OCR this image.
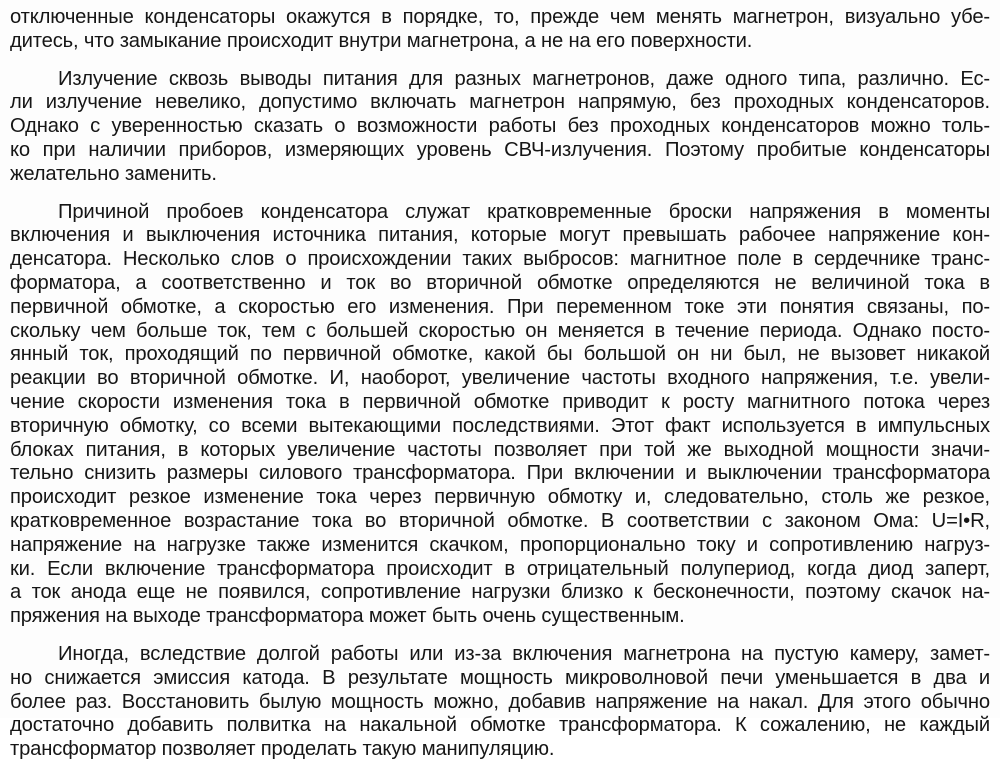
отключенные конденсаторы окажутся в порядке, то, прежде чем менять магнетрон, визуально убе-
дитесь, что замыкание происходит внутри магнетрона, а не на его поверхности.
Излучение сквозь выводы питания для разных магнетронов, даже одного типа, различно. Ес-
ли излучение невелико, допустимо включать магнетрон напрямую, без проходных конденсаторов.
Однако с уверенностью сказать о возможности работы без проходных конденсаторов можно толь-
ко при наличии приборов, измеряющих уровень СВЧ-излучения. Поэтому пробитые конденсаторы
желательно заменить.
Причиной пробоев конденсатора служат кратковременные броски напряжения в моменты
включения и выключения источника питания, которые могут превышать рабочее напряжение кон-
денсатора. Несколько слов о происхождении таких выбросов: магнитное поле в сердечнике транс-
форматора, а соответственно и ток во вторичной обмотке определяются не величиной тока в
первичной обмотке, а скоростью его изменения. При переменном токе эти понятия связаны, по-
скольку чем больше ток, тем с большей скоростью он меняется в течение периода. Однако посто-
янный ток, проходящий по первичной обмотке, какой бы большой он ни был, не вызовет никакой
реакции во вторичной обмотке. И, наоборот, увеличение частоты входного напряжения, т.е. увели-
чение скорости изменения тока в первичной обмотке приводит к росту магнитного потока через
вторичную обмотку, со всеми вытекающими последствиями. Этот факт используется в импульсных
блоках питания, в которых увеличение частоты позволяет при той же выходной мощности значи-
тельно снизить размеры силового трансформатора. При включении и выключении трансформатора
происходит резкое изменение тока через первичную обмотку и, следовательно, столь же резкое,
кратковременное возрастание тока во вторичной обмотке. В соответствии с законом Ома: U=I•R,
напряжение на нагрузке также изменится скачком, пропорционально току и сопротивлению нагруз-
ки. Если включение трансформатора происходит в отрицательный полупериод, когда диод заперт,
а ток анода еще не появился, сопротивление нагрузки близко к бесконечности, поэтому скачок на-
пряжения на выходе трансформатора может быть очень существенным.
Иногда, вследствие долгой работы или из-за включения магнетрона на пустую камеру, замет-
но снижается эмиссия катода. В результате мощность микроволновой печи уменьшается в два и
более раз. Восстановить былую мощность можно, добавив напряжение на накал. Для этого обычно
достаточно добавить полвитка на накальной обмотке трансформатора. К сожалению, не каждый
трансформатор позволяет проделать такую манипуляцию.
